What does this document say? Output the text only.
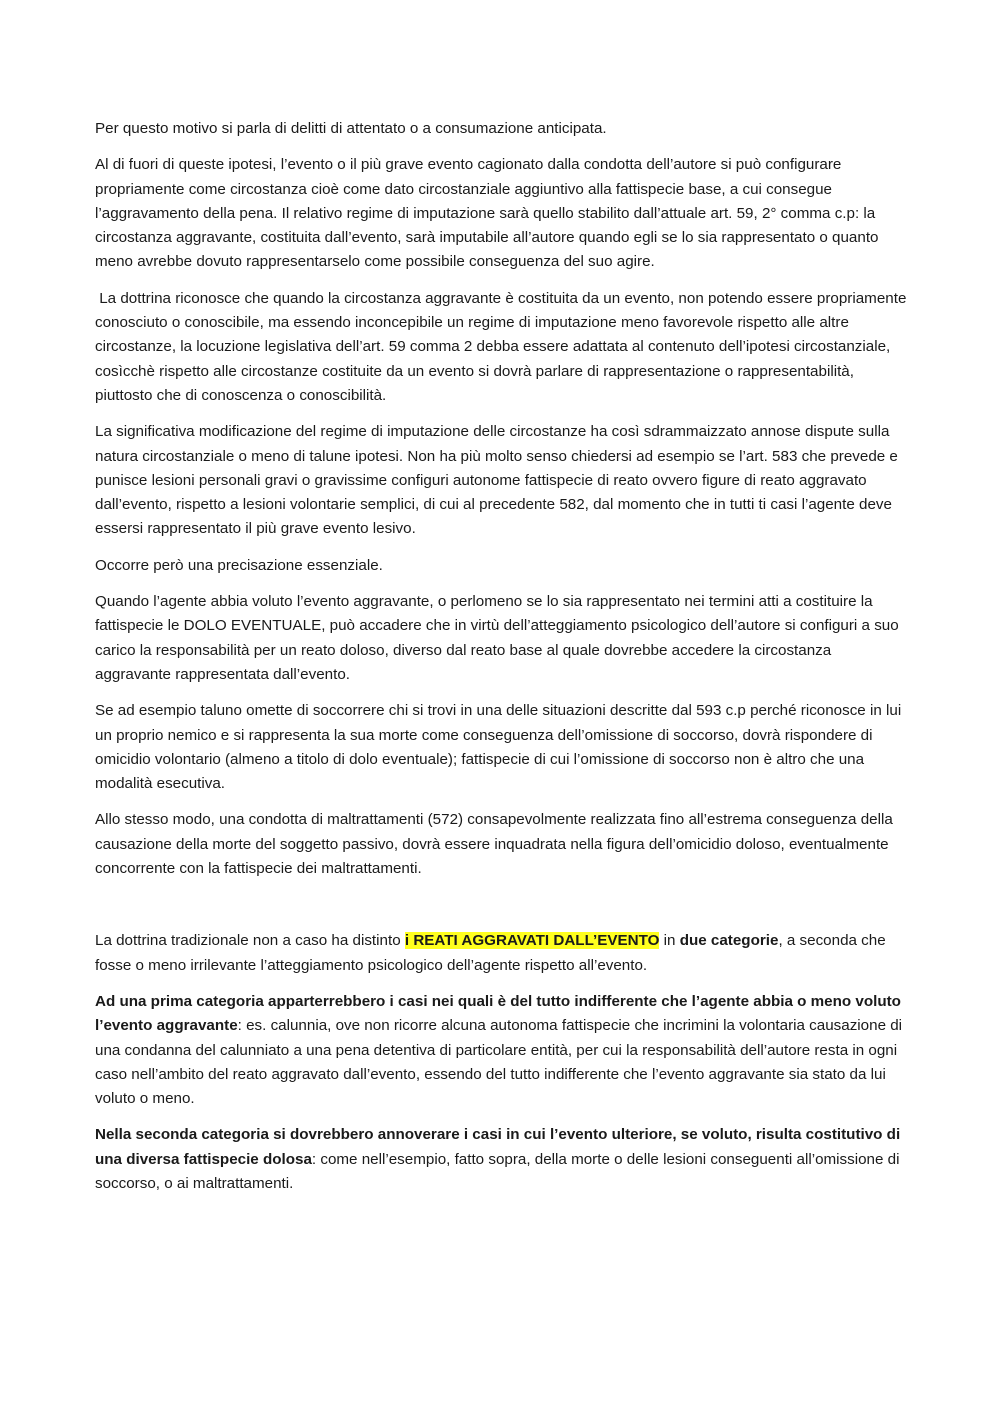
Per questo motivo si parla di delitti di attentato o a consumazione anticipata.

Al di fuori di queste ipotesi, l’evento o il più grave evento cagionato dalla condotta dell’autore si può configurare propriamente come circostanza cioè come dato circostanziale aggiuntivo alla fattispecie base, a cui consegue l’aggravamento della pena. Il relativo regime di imputazione sarà quello stabilito dall’attuale art. 59, 2° comma c.p: la circostanza aggravante, costituita dall’evento, sarà imputabile all’autore quando egli se lo sia rappresentato o quanto meno avrebbe dovuto rappresentarselo come possibile conseguenza del suo agire.

La dottrina riconosce che quando la circostanza aggravante è costituita da un evento, non potendo essere propriamente conosciuto o conoscibile, ma essendo inconcepibile un regime di imputazione meno favorevole rispetto alle altre circostanze, la locuzione legislativa dell’art. 59 comma 2 debba essere adattata al contenuto dell’ipotesi circostanziale, cosìcchè rispetto alle circostanze costituite da un evento si dovrà parlare di rappresentazione o rappresentabilità, piuttosto che di conoscenza o conoscibilità.

La significativa modificazione del regime di imputazione delle circostanze ha così sdrammaizzato annose dispute sulla natura circostanziale o meno di talune ipotesi. Non ha più molto senso chiedersi ad esempio se l’art. 583 che prevede e punisce lesioni personali gravi o gravissime configuri autonome fattispecie di reato ovvero figure di reato aggravato dall’evento, rispetto a lesioni volontarie semplici, di cui al precedente 582, dal momento che in tutti ti casi l’agente deve essersi rappresentato il più grave evento lesivo.

Occorre però una precisazione essenziale.

Quando l’agente abbia voluto l’evento aggravante, o perlomeno se lo sia rappresentato nei termini atti a costituire la fattispecie le DOLO EVENTUALE, può accadere che in virtù dell’atteggiamento psicologico dell’autore si configuri a suo carico la responsabilità per un reato doloso, diverso dal reato base al quale dovrebbe accedere la circostanza aggravante rappresentata dall’evento.

Se ad esempio taluno omette di soccorrere chi si trovi in una delle situazioni descritte dal 593 c.p perché riconosce in lui un proprio nemico e si rappresenta la sua morte come conseguenza dell’omissione di soccorso, dovrà rispondere di omicidio volontario (almeno a titolo di dolo eventuale); fattispecie di cui l’omissione di soccorso non è altro che una modalità esecutiva.

Allo stesso modo, una condotta di maltrattamenti (572) consapevolmente realizzata fino all’estrema conseguenza della causazione della morte del soggetto passivo, dovrà essere inquadrata nella figura dell’omicidio doloso, eventualmente concorrente con la fattispecie dei maltrattamenti.

La dottrina tradizionale non a caso ha distinto i REATI AGGRAVATI DALL’EVENTO in due categorie, a seconda che fosse o meno irrilevante l’atteggiamento psicologico dell’agente rispetto all’evento.

Ad una prima categoria apparterrebbero i casi nei quali è del tutto indifferente che l’agente abbia o meno voluto l’evento aggravante: es. calunnia, ove non ricorre alcuna autonoma fattispecie che incrimini la volontaria causazione di una condanna del calunniato a una pena detentiva di particolare entità, per cui la responsabilità dell’autore resta in ogni caso nell’ambito del reato aggravato dall’evento, essendo del tutto indifferente che l’evento aggravante sia stato da lui voluto o meno.

Nella seconda categoria si dovrebbero annoverare i casi in cui l’evento ulteriore, se voluto, risulta costitutivo di una diversa fattispecie dolosa: come nell’esempio, fatto sopra, della morte o delle lesioni conseguenti all’omissione di soccorso, o ai maltrattamenti.
